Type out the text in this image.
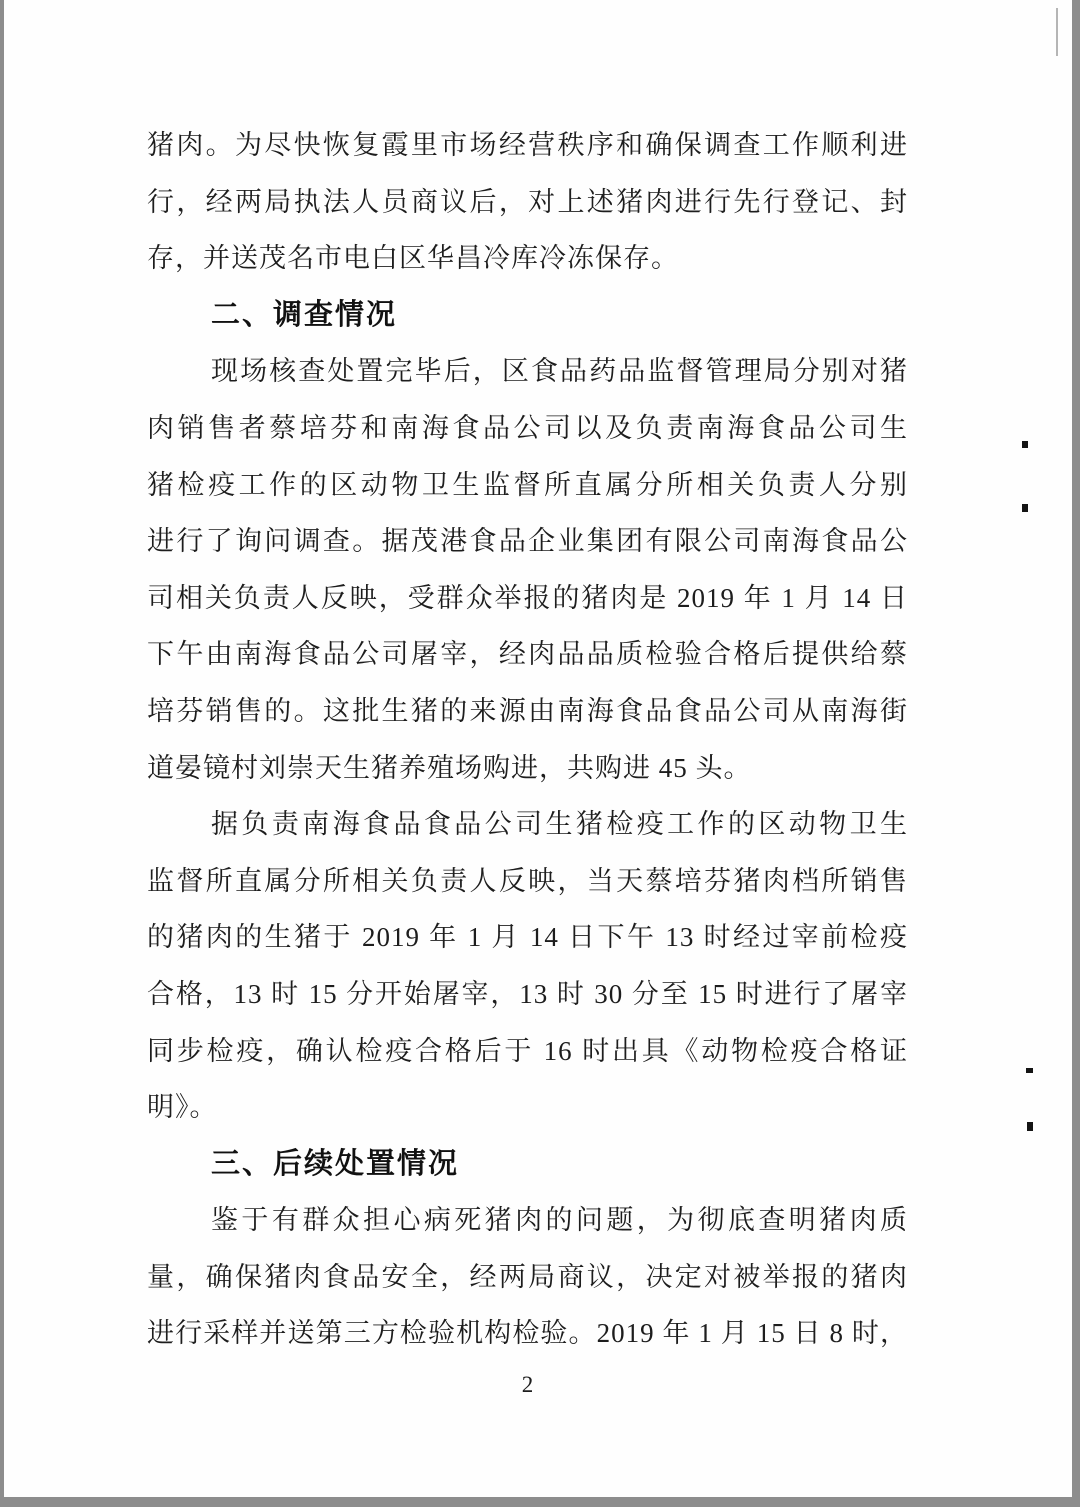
猪肉。为尽快恢复霞里市场经营秩序和确保调查工作顺利进
行，经两局执法人员商议后，对上述猪肉进行先行登记、封
存，并送茂名市电白区华昌冷库冷冻保存。
二、调查情况
现场核查处置完毕后，区食品药品监督管理局分别对猪
肉销售者蔡培芬和南海食品公司以及负责南海食品公司生
猪检疫工作的区动物卫生监督所直属分所相关负责人分别
进行了询问调查。据茂港食品企业集团有限公司南海食品公
司相关负责人反映，受群众举报的猪肉是 2019 年 1 月 14 日
下午由南海食品公司屠宰，经肉品品质检验合格后提供给蔡
培芬销售的。这批生猪的来源由南海食品食品公司从南海街
道晏镜村刘崇天生猪养殖场购进，共购进 45 头。
据负责南海食品食品公司生猪检疫工作的区动物卫生
监督所直属分所相关负责人反映，当天蔡培芬猪肉档所销售
的猪肉的生猪于 2019 年 1 月 14 日下午 13 时经过宰前检疫
合格，13 时 15 分开始屠宰，13 时 30 分至 15 时进行了屠宰
同步检疫，确认检疫合格后于 16 时出具《动物检疫合格证
明》。
三、后续处置情况
鉴于有群众担心病死猪肉的问题，为彻底查明猪肉质
量，确保猪肉食品安全，经两局商议，决定对被举报的猪肉
进行采样并送第三方检验机构检验。2019 年 1 月 15 日 8 时，
2
